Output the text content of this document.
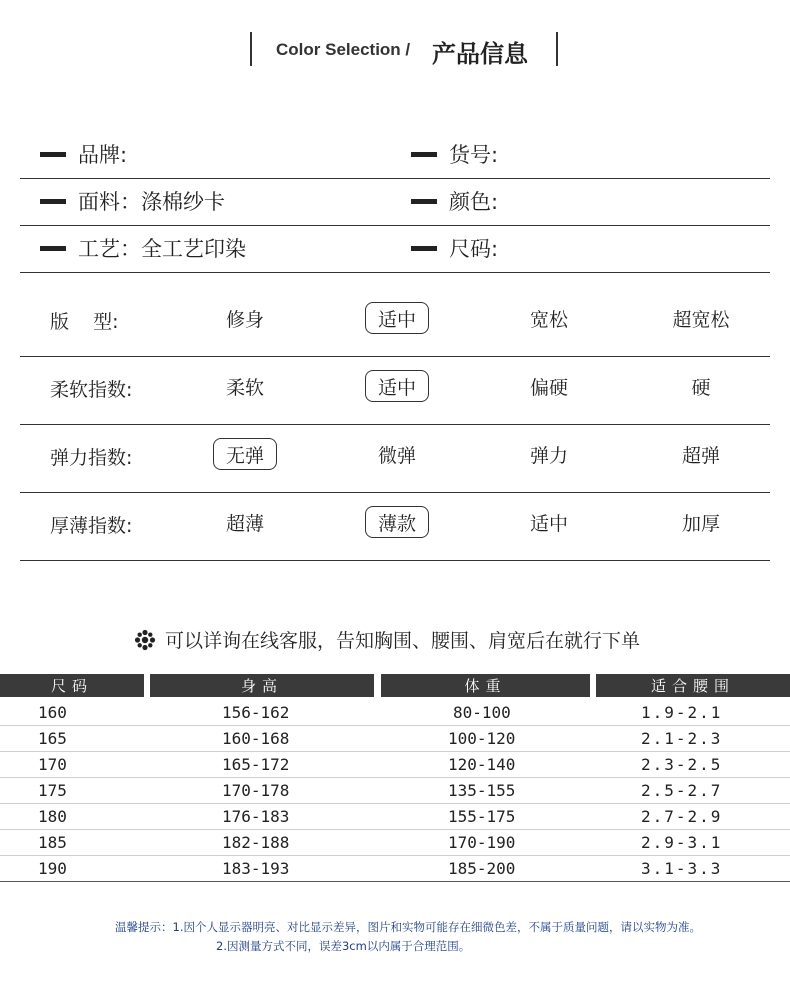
Color Selection / 产品信息
品牌:	货号:
面料：涤棉纱卡	颜色:
工艺：全工艺印染	尺码:
版    型:	修身	适中	宽松	超宽松
柔软指数:	柔软	适中	偏硬	硬
弹力指数:	无弹	微弹	弹力	超弹
厚薄指数:	超薄	薄款	适中	加厚
可以详询在线客服，告知胸围、腰围、肩宽后在就行下单
尺码	身高	体重	适合腰围
160	156-162	80-100	1.9-2.1
165	160-168	100-120	2.1-2.3
170	165-172	120-140	2.3-2.5
175	170-178	135-155	2.5-2.7
180	176-183	155-175	2.7-2.9
185	182-188	170-190	2.9-3.1
190	183-193	185-200	3.1-3.3
温馨提示：1.因个人显示器明亮、对比显示差异，图片和实物可能存在细微色差，不属于质量问题，请以实物为准。
2.因测量方式不同，误差3cm以内属于合理范围。
